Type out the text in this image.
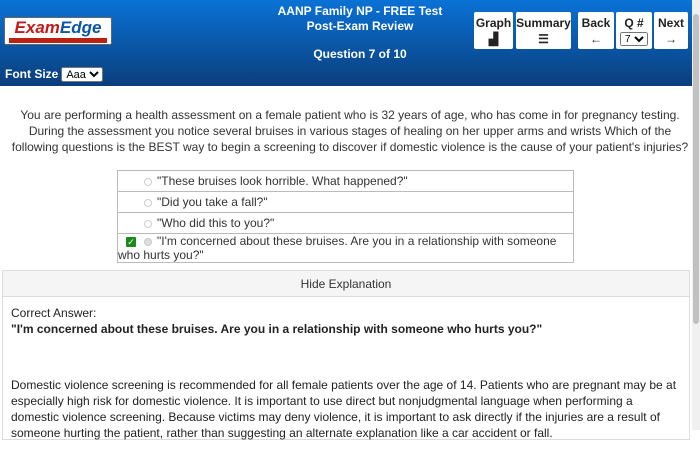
ExamEdge
AANP Family NP - FREE Test
Post-Exam Review
Question 7 of 10
Font Size
Aaa
Graph
▟
Summary
☰
Back
←
Q #

7	Next
→
You are performing a health assessment on a female patient who is 32 years of age, who has come in for pregnancy testing. During the assessment you notice several bruises in various stages of healing on her upper arms and wrists Which of the following questions is the BEST way to begin a screening to discover if domestic violence is the cause of your patient's injuries?
"These bruises look horrible. What happened?"
"Did you take a fall?"
"Who did this to you?"
✓ "I'm concerned about these bruises. Are you in a relationship with someone who hurts you?"
Hide Explanation
Correct Answer:
"I'm concerned about these bruises. Are you in a relationship with someone who hurts you?"

Domestic violence screening is recommended for all female patients over the age of 14. Patients who are pregnant may be at especially high risk for domestic violence. It is important to use direct but nonjudgmental language when performing a domestic violence screening. Because victims may deny violence, it is important to ask directly if the injuries are a result of someone hurting the patient, rather than suggesting an alternate explanation like a car accident or fall.
